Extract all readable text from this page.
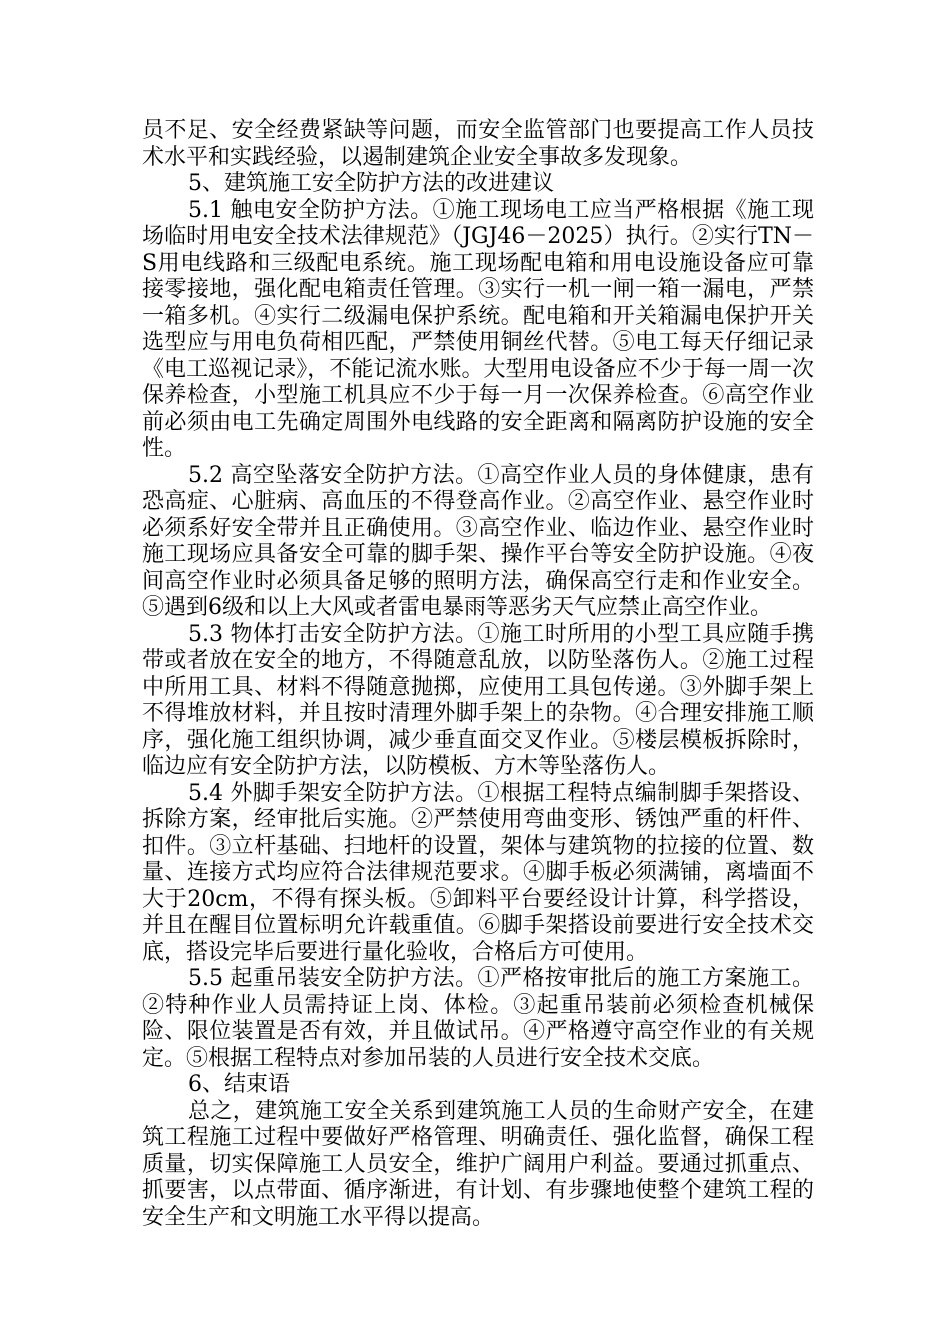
员不足、安全经费紧缺等问题，而安全监管部门也要提高工作人员技术水平和实践经验，以遏制建筑企业安全事故多发现象。

5、建筑施工安全防护方法的改进建议

5.1 触电安全防护方法。①施工现场电工应当严格根据《施工现场临时用电安全技术法律规范》（JGJ46－2025）执行。②实行TN－S用电线路和三级配电系统。施工现场配电箱和用电设施设备应可靠接零接地，强化配电箱责任管理。③实行一机一闸一箱一漏电，严禁一箱多机。④实行二级漏电保护系统。配电箱和开关箱漏电保护开关选型应与用电负荷相匹配，严禁使用铜丝代替。⑤电工每天仔细记录《电工巡视记录》，不能记流水账。大型用电设备应不少于每一周一次保养检查，小型施工机具应不少于每一月一次保养检查。⑥高空作业前必须由电工先确定周围外电线路的安全距离和隔离防护设施的安全性。

5.2 高空坠落安全防护方法。①高空作业人员的身体健康，患有恐高症、心脏病、高血压的不得登高作业。②高空作业、悬空作业时必须系好安全带并且正确使用。③高空作业、临边作业、悬空作业时施工现场应具备安全可靠的脚手架、操作平台等安全防护设施。④夜间高空作业时必须具备足够的照明方法，确保高空行走和作业安全。⑤遇到6级和以上大风或者雷电暴雨等恶劣天气应禁止高空作业。

5.3 物体打击安全防护方法。①施工时所用的小型工具应随手携带或者放在安全的地方，不得随意乱放，以防坠落伤人。②施工过程中所用工具、材料不得随意抛掷，应使用工具包传递。③外脚手架上不得堆放材料，并且按时清理外脚手架上的杂物。④合理安排施工顺序，强化施工组织协调，减少垂直面交叉作业。⑤楼层模板拆除时，临边应有安全防护方法，以防模板、方木等坠落伤人。

5.4 外脚手架安全防护方法。①根据工程特点编制脚手架搭设、拆除方案，经审批后实施。②严禁使用弯曲变形、锈蚀严重的杆件、扣件。③立杆基础、扫地杆的设置，架体与建筑物的拉接的位置、数量、连接方式均应符合法律规范要求。④脚手板必须满铺，离墙面不大于20cm，不得有探头板。⑤卸料平台要经设计计算，科学搭设，并且在醒目位置标明允许载重值。⑥脚手架搭设前要进行安全技术交底，搭设完毕后要进行量化验收，合格后方可使用。

5.5 起重吊装安全防护方法。①严格按审批后的施工方案施工。②特种作业人员需持证上岗、体检。③起重吊装前必须检查机械保险、限位装置是否有效，并且做试吊。④严格遵守高空作业的有关规定。⑤根据工程特点对参加吊装的人员进行安全技术交底。

6、结束语

总之，建筑施工安全关系到建筑施工人员的生命财产安全，在建筑工程施工过程中要做好严格管理、明确责任、强化监督，确保工程质量，切实保障施工人员安全，维护广阔用户利益。要通过抓重点、抓要害，以点带面、循序渐进，有计划、有步骤地使整个建筑工程的安全生产和文明施工水平得以提高。
